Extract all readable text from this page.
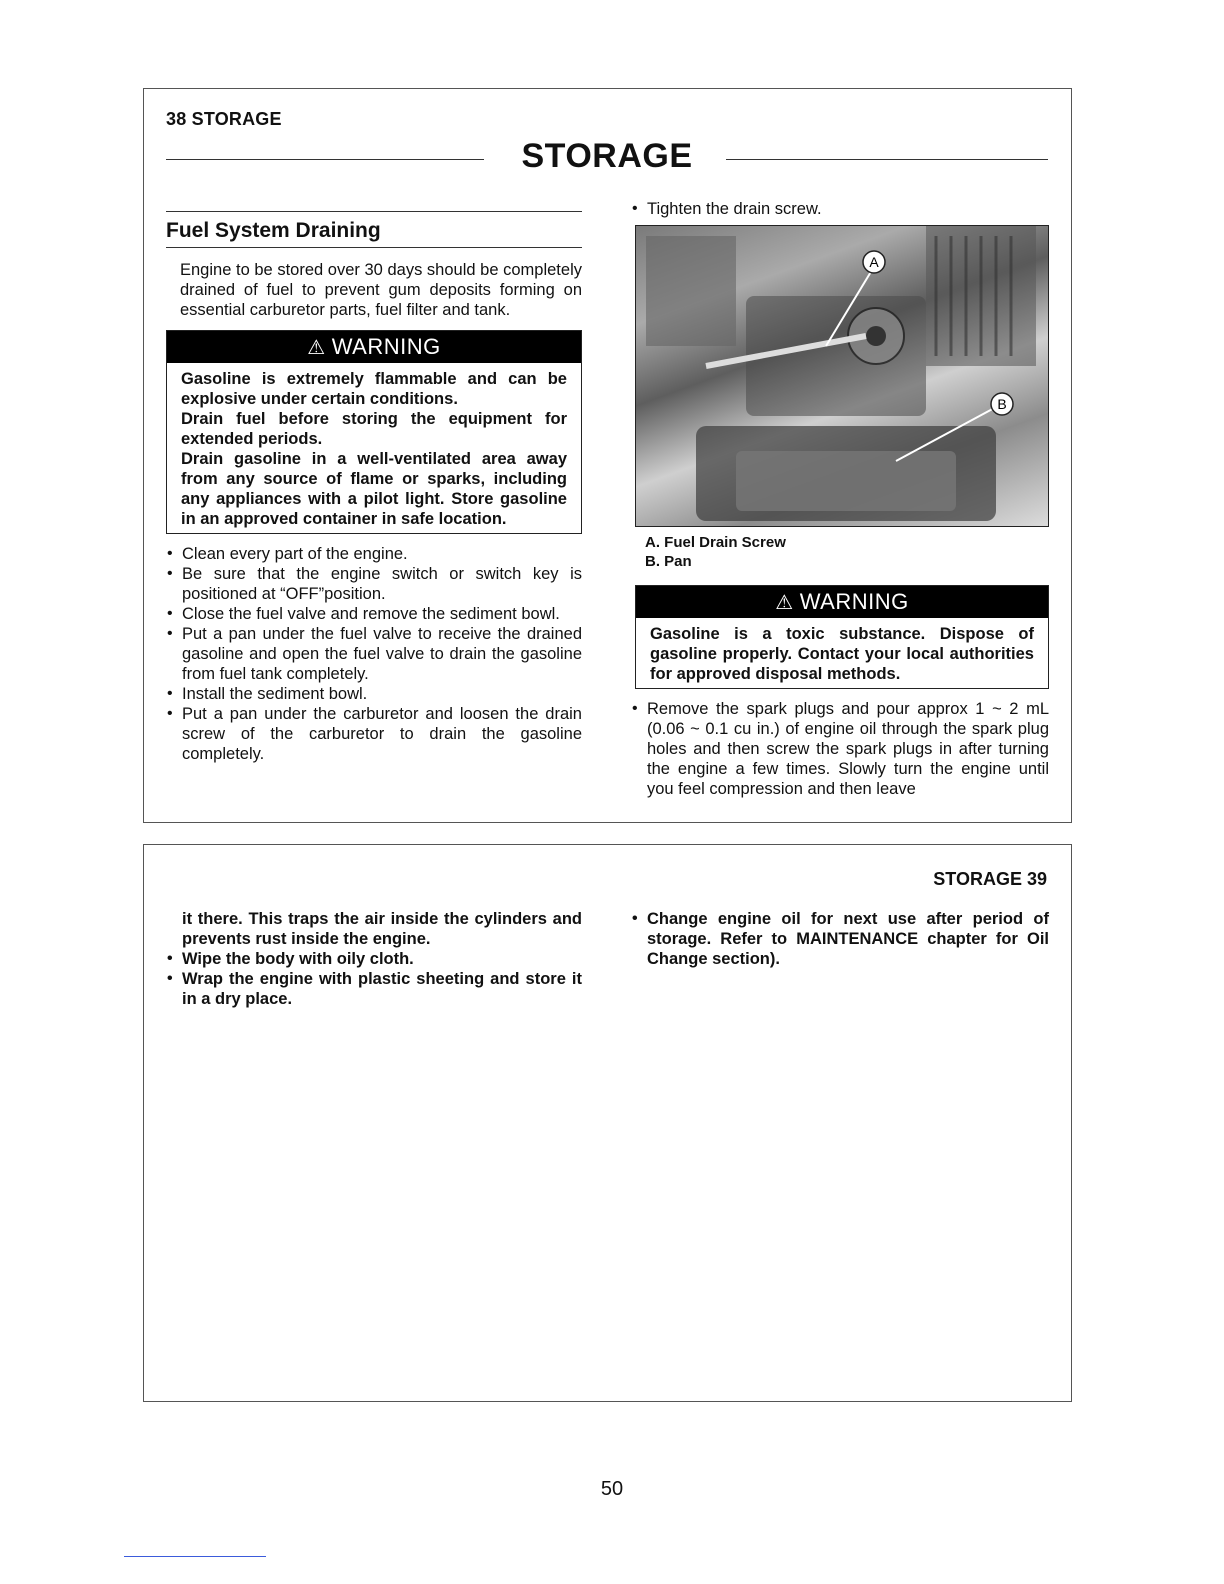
38 STORAGE
STORAGE
Fuel System Draining

Engine to be stored over 30 days should be completely drained of fuel to prevent gum deposits forming on essential carburetor parts, fuel filter and tank.

⚠ WARNING

Gasoline is extremely flammable and can be explosive under certain conditions.

Drain fuel before storing the equipment for extended periods.

Drain gasoline in a well-ventilated area away from any source of flame or sparks, including any appliances with a pilot light. Store gasoline in an approved container in safe location.

• Clean every part of the engine.
• Be sure that the engine switch or switch key is positioned at “OFF”position.
• Close the fuel valve and remove the sediment bowl.
• Put a pan under the fuel valve to receive the drained gasoline and open the fuel valve to drain the gasoline from fuel tank completely.
• Install the sediment bowl.
• Put a pan under the carburetor and loosen the drain screw of the carburetor to drain the gasoline completely.
• Tighten the drain screw.
A
B
A. Fuel Drain Screw
B. Pan
⚠ WARNING

Gasoline is a toxic substance. Dispose of gasoline properly. Contact your local authorities for approved disposal methods.

• Remove the spark plugs and pour approx 1 ~ 2 mL (0.06 ~ 0.1 cu in.) of engine oil through the spark plug holes and then screw the spark plugs in after turning the engine a few times. Slowly turn the engine until you feel compression and then leave
STORAGE 39

it there. This traps the air inside the cylinders and prevents rust inside the engine.

• Wipe the body with oily cloth.
• Wrap the engine with plastic sheeting and store it in a dry place.
• Change engine oil for next use after period of storage. Refer to MAINTENANCE chapter for Oil Change section).
50
